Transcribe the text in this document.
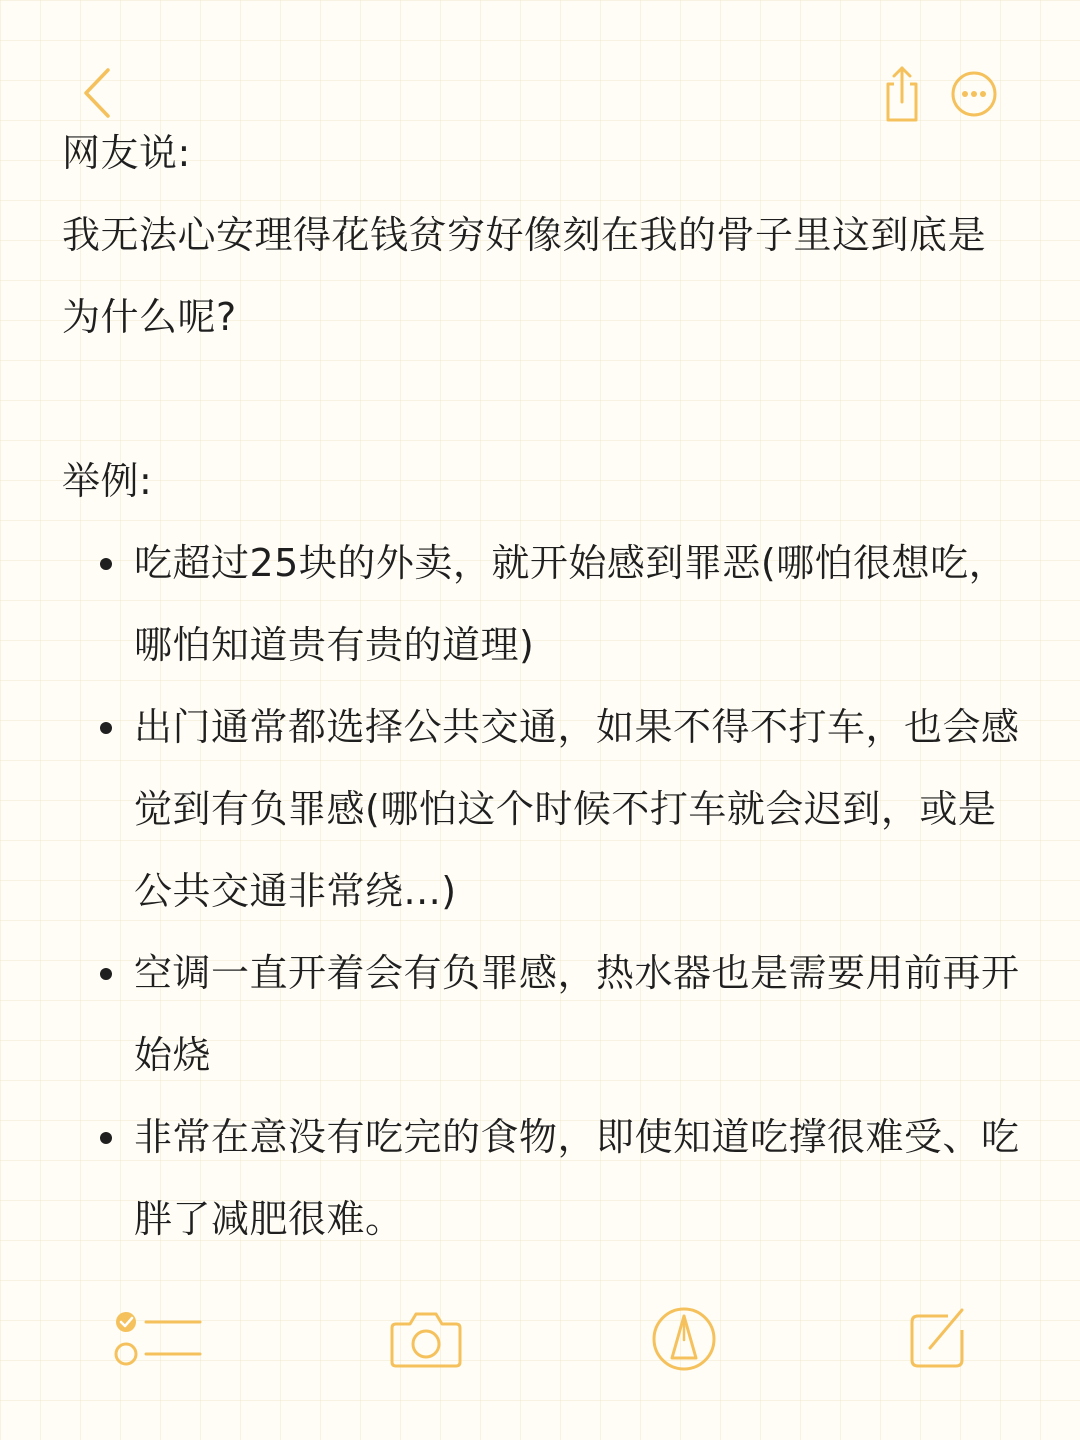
网友说:

我无法心安理得花钱贫穷好像刻在我的骨子里这到底是为什么呢?

举例:

吃超过25块的外卖，就开始感到罪恶(哪怕很想吃，哪怕知道贵有贵的道理)
出门通常都选择公共交通，如果不得不打车，也会感觉到有负罪感(哪怕这个时候不打车就会迟到，或是公共交通非常绕...)
空调一直开着会有负罪感，热水器也是需要用前再开始烧
非常在意没有吃完的食物，即使知道吃撑很难受、吃胖了减肥很难。
